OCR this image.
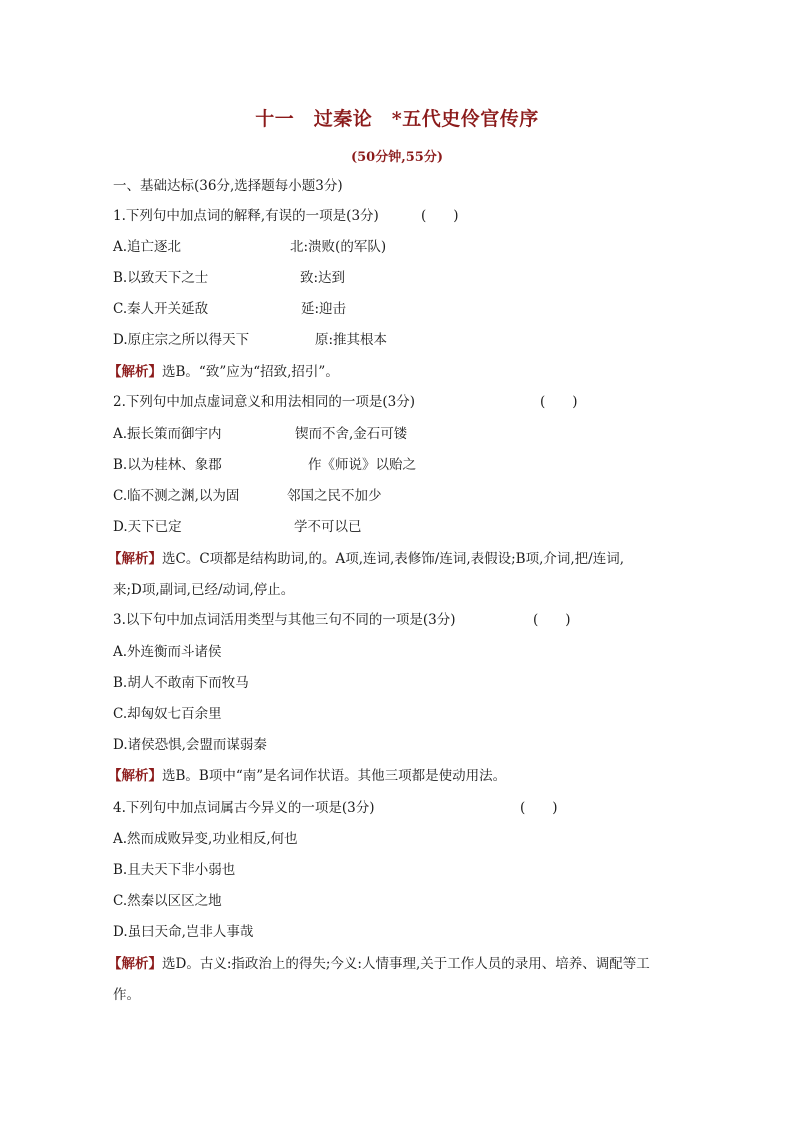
十一　过秦论　*五代史伶官传序
(50分钟,55分)
一、基础达标(36分,选择题每小题3分)
1.下列句中加点词的解释,有误的一项是(3分)	(　　)
A.追亡逐北	北:溃败(的军队)
B.以致天下之士	致:达到
C.秦人开关延敌	延:迎击
D.原庄宗之所以得天下	原:推其根本
【解析】选B。“致”应为“招致,招引”。
2.下列句中加点虚词意义和用法相同的一项是(3分)	(　　)
A.振长策而御宇内	锲而不舍,金石可镂
B.以为桂林、象郡	作《师说》以贻之
C.临不测之渊,以为固	邻国之民不加少
D.天下已定	学不可以已
【解析】选C。C项都是结构助词,的。A项,连词,表修饰/连词,表假设;B项,介词,把/连词,
来;D项,副词,已经/动词,停止。
3.以下句中加点词活用类型与其他三句不同的一项是(3分)	(　　)
A.外连衡而斗诸侯
B.胡人不敢南下而牧马
C.却匈奴七百余里
D.诸侯恐惧,会盟而谋弱秦
【解析】选B。B项中“南”是名词作状语。其他三项都是使动用法。
4.下列句中加点词属古今异义的一项是(3分)	(　　)
A.然而成败异变,功业相反,何也
B.且夫天下非小弱也
C.然秦以区区之地
D.虽曰天命,岂非人事哉
【解析】选D。古义:指政治上的得失;今义:人情事理,关于工作人员的录用、培养、调配等工
作。
